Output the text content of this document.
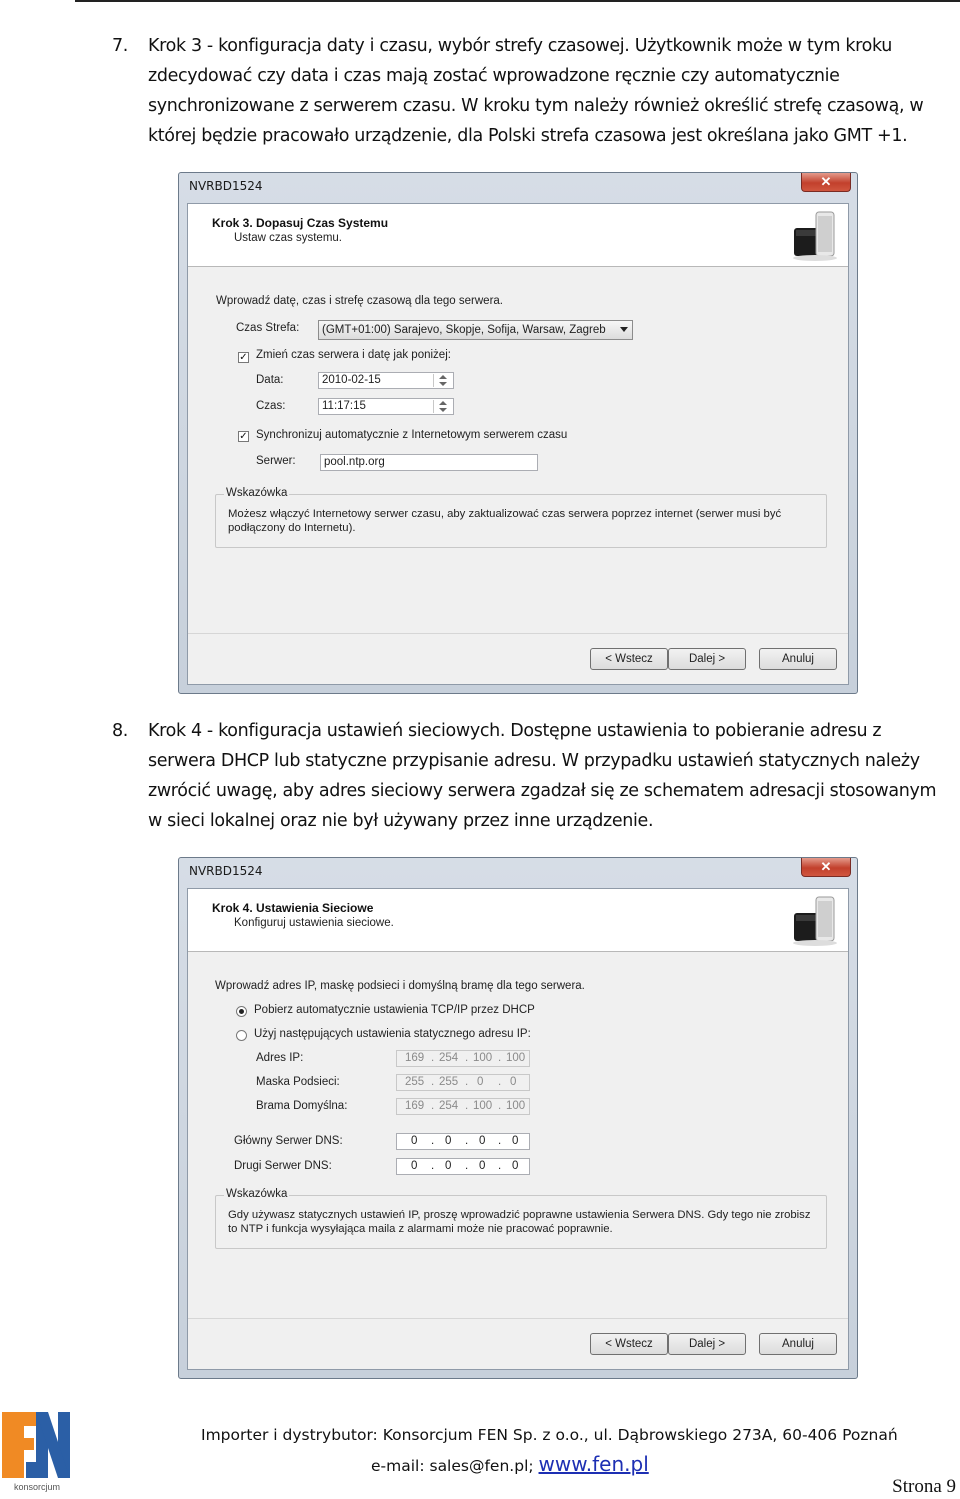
7. Krok 3 - konfiguracja daty i czasu, wybór strefy czasowej. Użytkownik może w tym kroku zdecydować czy data i czas mają zostać wprowadzone ręcznie czy automatycznie synchronizowane z serwerem czasu. W kroku tym należy również określić strefę czasową, w której będzie pracowało urządzenie, dla Polski strefa czasowa jest określana jako GMT +1.
NVRBD1524	✕
Krok 3. Dopasuj Czas Systemu
Ustaw czas systemu.
Wprowadź datę, czas i strefę czasową dla tego serwera.
Czas Strefa:	(GMT+01:00) Sarajevo, Skopje, Sofija, Warsaw, Zagreb
✓ Zmień czas serwera i datę jak poniżej:
Data:	2010-02-15
Czas:	11:17:15
✓ Synchronizuj automatycznie z Internetowym serwerem czasu
Serwer:	pool.ntp.org
Wskazówka
Możesz włączyć Internetowy serwer czasu, aby zaktualizować czas serwera poprzez internet (serwer musi być podłączony do Internetu).
< Wstecz	Dalej >	Anuluj
8. Krok 4 - konfiguracja ustawień sieciowych. Dostępne ustawienia to pobieranie adresu z serwera DHCP lub statyczne przypisanie adresu. W przypadku ustawień statycznych należy zwrócić uwagę, aby adres sieciowy serwera zgadzał się ze schematem adresacji stosowanym w sieci lokalnej oraz nie był używany przez inne urządzenie.
NVRBD1524	✕
Krok 4. Ustawienia Sieciowe
Konfiguruj ustawienia sieciowe.
Wprowadź adres IP, maskę podsieci i domyślną bramę dla tego serwera.
Pobierz automatycznie ustawienia TCP/IP przez DHCP
Użyj następujących ustawienia statycznego adresu IP:
Adres IP:	169 . 254 . 100 . 100
Maska Podsieci:	255 . 255 . 0 . 0
Brama Domyślna:	169 . 254 . 100 . 100
Główny Serwer DNS:	0 . 0 . 0 . 0
Drugi Serwer DNS:	0 . 0 . 0 . 0
Wskazówka
Gdy używasz statycznych ustawień IP, proszę wprowadzić poprawne ustawienia Serwera DNS. Gdy tego nie zrobisz to NTP i funkcja wysyłająca maila z alarmami może nie pracować poprawnie.
< Wstecz	Dalej >	Anuluj
konsorcjum
Importer i dystrybutor: Konsorcjum FEN Sp. z o.o., ul. Dąbrowskiego 273A, 60-406 Poznań
e-mail: sales@fen.pl; www.fen.pl
Strona 9
